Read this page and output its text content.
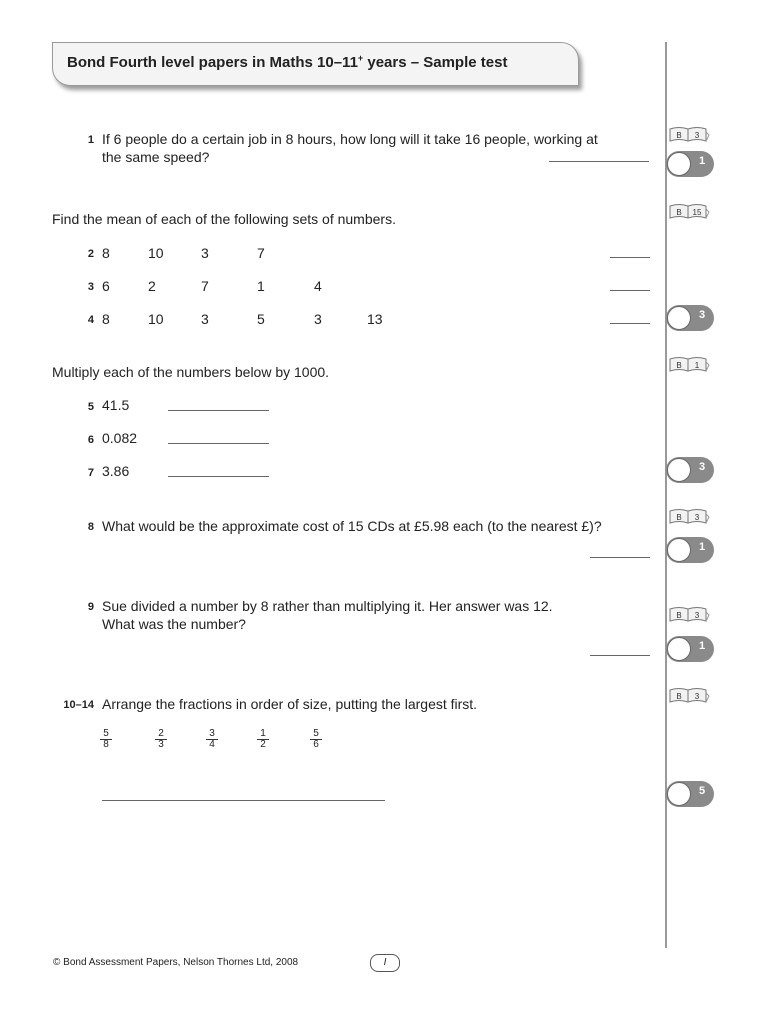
Bond Fourth level papers in Maths 10–11+ years – Sample test
1 If 6 people do a certain job in 8 hours, how long will it take 16 people, working at
the same speed?
Find the mean of each of the following sets of numbers.
2 8	10	3	7
3 6	2	7	1	4
4 8	10	3	5	3	13
Multiply each of the numbers below by 1000.
5 41.5
6 0.082
7 3.86
8 What would be the approximate cost of 15 CDs at £5.98 each (to the nearest £)?
9 Sue divided a number by 8 rather than multiplying it. Her answer was 12.
What was the number?
10–14 Arrange the fractions in order of size, putting the largest first.
$\frac{5}{8}$	$\frac{2}{3}$	$\frac{3}{4}$	$\frac{1}{2}$	$\frac{5}{6}$
B 3
B 15
B 1
B 3
B 3
B 3
1
3
3
1
1
5
© Bond Assessment Papers, Nelson Thornes Ltd, 2008	I
